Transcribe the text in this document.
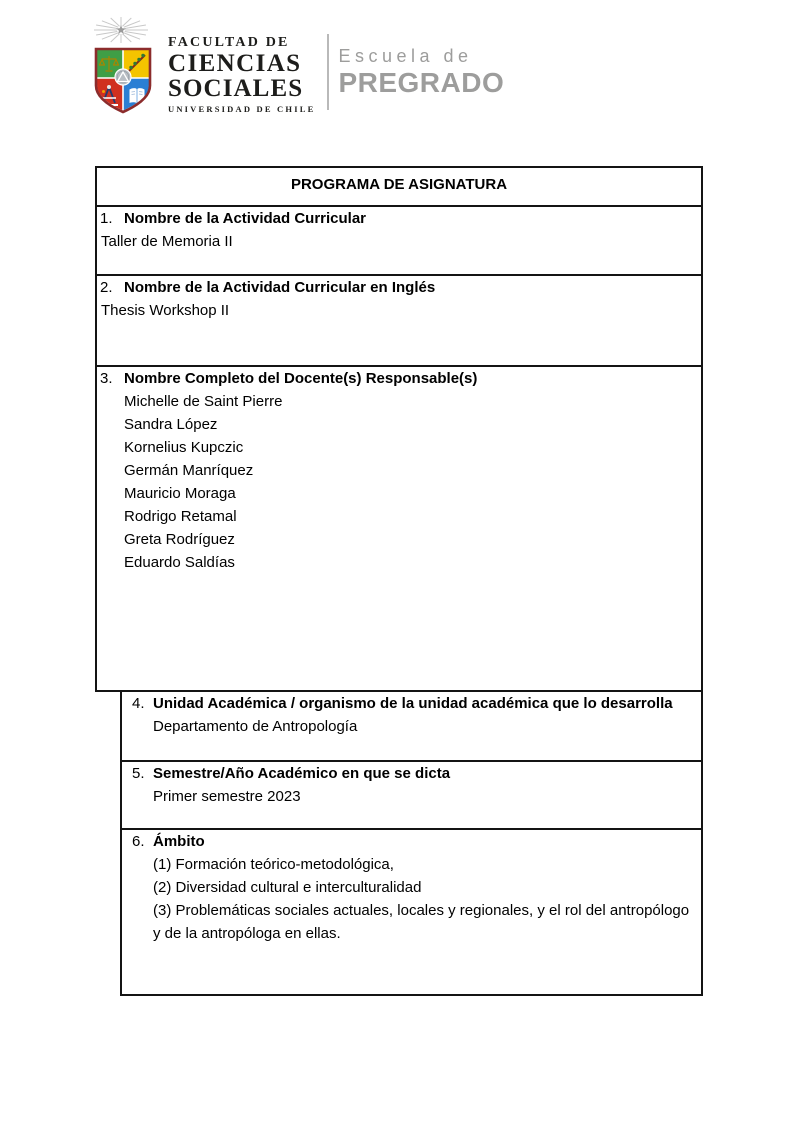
FACULTAD DE
CIENCIAS
SOCIALES
UNIVERSIDAD DE CHILE
Escuela de
PREGRADO
PROGRAMA DE ASIGNATURA

1. Nombre de la Actividad Curricular

Taller de Memoria II

2. Nombre de la Actividad Curricular en Inglés

Thesis Workshop II

3. Nombre Completo del Docente(s) Responsable(s)

Michelle de Saint Pierre

Sandra López

Kornelius Kupczic

Germán Manríquez

Mauricio Moraga

Rodrigo Retamal

Greta Rodríguez

Eduardo Saldías

4. Unidad Académica / organismo de la unidad académica que lo desarrolla

Departamento de Antropología

5. Semestre/Año Académico en que se dicta

Primer semestre 2023

6. Ámbito

(1) Formación teórico-metodológica,

(2) Diversidad cultural e interculturalidad

(3) Problemáticas sociales actuales, locales y regionales, y el rol del antropólogo y de la antropóloga en ellas.
